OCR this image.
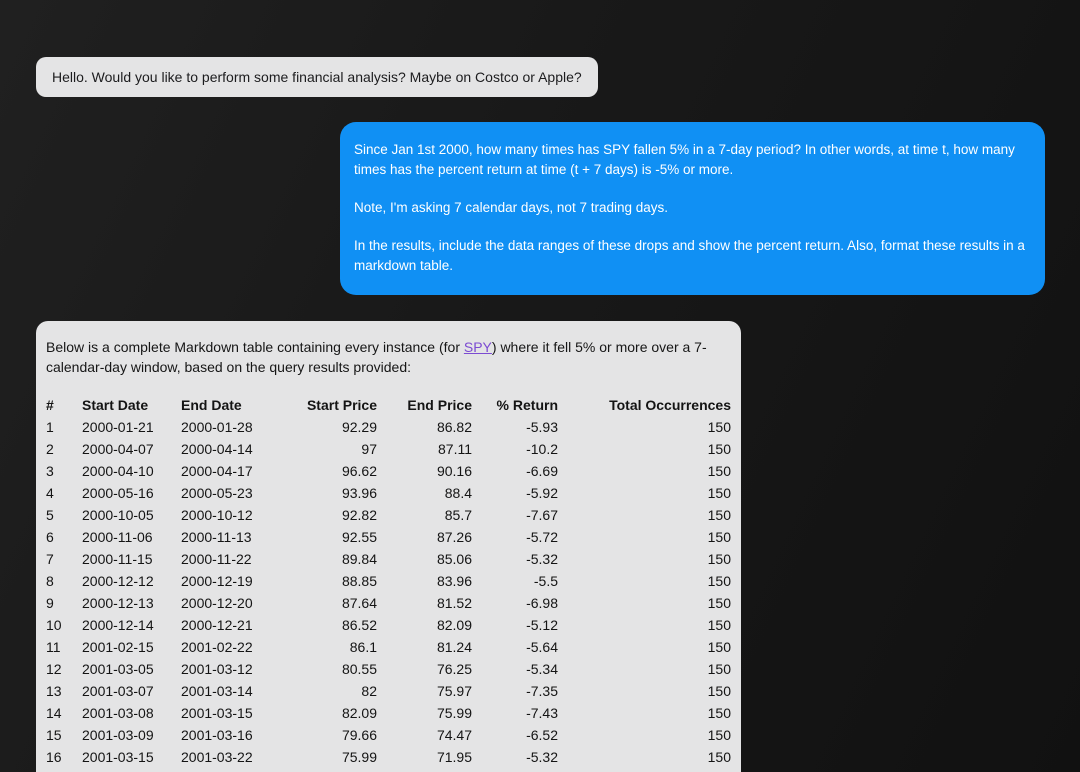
Hello. Would you like to perform some financial analysis? Maybe on Costco or Apple?

Since Jan 1st 2000, how many times has SPY fallen 5% in a 7-day period? In other words, at time t, how many times has the percent return at time (t + 7 days) is -5% or more.

Note, I'm asking 7 calendar days, not 7 trading days.

In the results, include the data ranges of these drops and show the percent return. Also, format these results in a markdown table.

Below is a complete Markdown table containing every instance (for SPY) where it fell 5% or more over a 7-calendar-day window, based on the query results provided:

#	Start Date	End Date	Start Price	End Price	% Return	Total Occurrences
1	2000-01-21	2000-01-28	92.29	86.82	-5.93	150
2	2000-04-07	2000-04-14	97	87.11	-10.2	150
3	2000-04-10	2000-04-17	96.62	90.16	-6.69	150
4	2000-05-16	2000-05-23	93.96	88.4	-5.92	150
5	2000-10-05	2000-10-12	92.82	85.7	-7.67	150
6	2000-11-06	2000-11-13	92.55	87.26	-5.72	150
7	2000-11-15	2000-11-22	89.84	85.06	-5.32	150
8	2000-12-12	2000-12-19	88.85	83.96	-5.5	150
9	2000-12-13	2000-12-20	87.64	81.52	-6.98	150
10	2000-12-14	2000-12-21	86.52	82.09	-5.12	150
11	2001-02-15	2001-02-22	86.1	81.24	-5.64	150
12	2001-03-05	2001-03-12	80.55	76.25	-5.34	150
13	2001-03-07	2001-03-14	82	75.97	-7.35	150
14	2001-03-08	2001-03-15	82.09	75.99	-7.43	150
15	2001-03-09	2001-03-16	79.66	74.47	-6.52	150
16	2001-03-15	2001-03-22	75.99	71.95	-5.32	150
